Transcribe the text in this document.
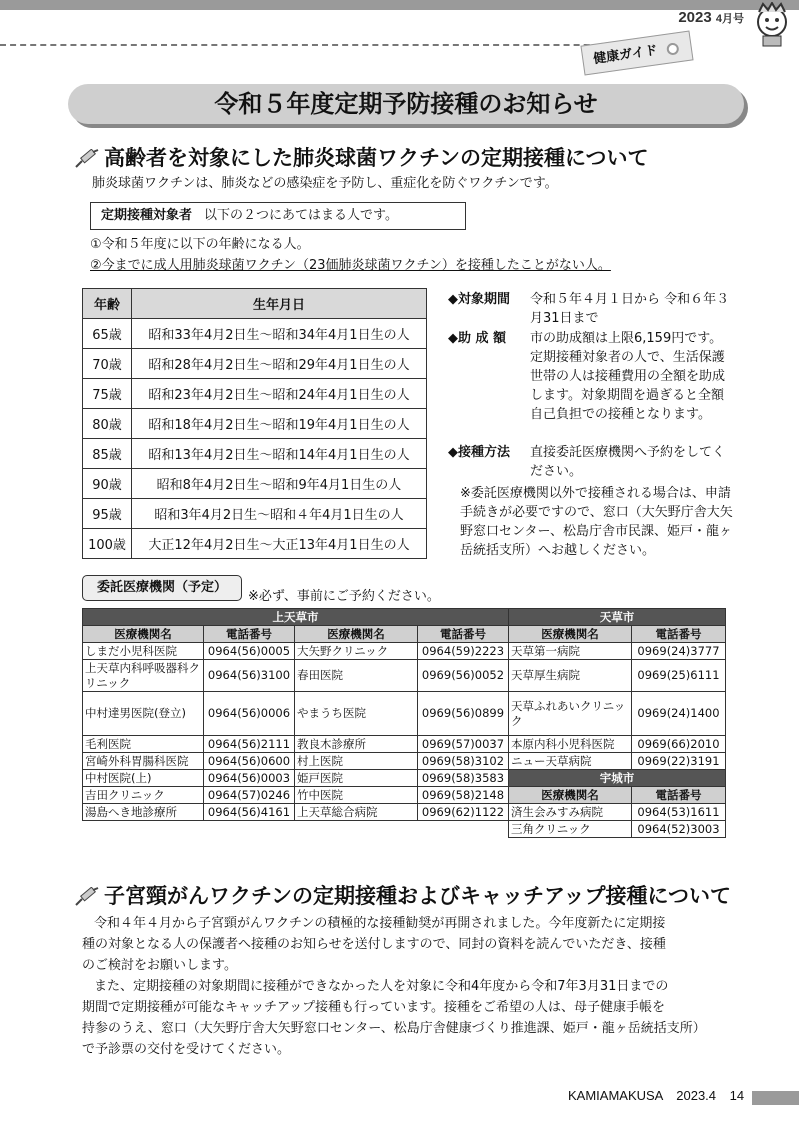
2023 4月号
健康ガイド
令和５年度定期予防接種のお知らせ
高齢者を対象にした肺炎球菌ワクチンの定期接種について
肺炎球菌ワクチンは、肺炎などの感染症を予防し、重症化を防ぐワクチンです。
定期接種対象者 以下の２つにあてはまる人です。
①令和５年度に以下の年齢になる人。
②今までに成人用肺炎球菌ワクチン（23価肺炎球菌ワクチン）を接種したことがない人。
年齢	生年月日
65歳	昭和33年4月2日生～昭和34年4月1日生の人
70歳	昭和28年4月2日生～昭和29年4月1日生の人
75歳	昭和23年4月2日生～昭和24年4月1日生の人
80歳	昭和18年4月2日生～昭和19年4月1日生の人
85歳	昭和13年4月2日生～昭和14年4月1日生の人
90歳	昭和8年4月2日生～昭和9年4月1日生の人
95歳	昭和3年4月2日生～昭和４年4月1日生の人
100歳	大正12年4月2日生～大正13年4月1日生の人
◆対象期間	令和５年４月１日から 令和６年３月31日まで
◆助 成 額	市の助成額は上限6,159円です。定期接種対象者の人で、生活保護世帯の人は接種費用の全額を助成します。対象期間を過ぎると全額自己負担での接種となります。
◆接種方法	直接委託医療機関へ予約をしてください。
※委託医療機関以外で接種される場合は、申請手続きが必要ですので、窓口（大矢野庁舎大矢野窓口センター、松島庁舎市民課、姫戸・龍ヶ岳統括支所）へお越しください。
委託医療機関（予定）
※必ず、事前にご予約ください。
上天草市				天草市	
医療機関名	電話番号	医療機関名	電話番号	医療機関名	電話番号
しまだ小児科医院	0964(56)0005	大矢野クリニック	0964(59)2223	天草第一病院	0969(24)3777
上天草内科呼吸器科クリニック	0964(56)3100	春田医院	0969(56)0052	天草厚生病院	0969(25)6111
中村達男医院(登立)	0964(56)0006	やまうち医院	0969(56)0899	天草ふれあいクリニック	0969(24)1400
毛利医院	0964(56)2111	教良木診療所	0969(57)0037	本原内科小児科医院	0969(66)2010
宮崎外科胃腸科医院	0964(56)0600	村上医院	0969(58)3102	ニュー天草病院	0969(22)3191
中村医院(上)	0964(56)0003	姫戸医院	0969(58)3583	宇城市	
吉田クリニック	0964(57)0246	竹中医院	0969(58)2148	医療機関名	電話番号
湯島へき地診療所	0964(56)4161	上天草総合病院	0969(62)1122	済生会みすみ病院	0964(53)1611
				三角クリニック	0964(52)3003
子宮頸がんワクチンの定期接種およびキャッチアップ接種について
令和４年４月から子宮頸がんワクチンの積極的な接種勧奨が再開されました。今年度新たに定期接
種の対象となる人の保護者へ接種のお知らせを送付しますので、同封の資料を読んでいただき、接種
のご検討をお願いします。
また、定期接種の対象期間に接種ができなかった人を対象に令和4年度から令和7年3月31日までの
期間で定期接種が可能なキャッチアップ接種も行っています。接種をご希望の人は、母子健康手帳を
持参のうえ、窓口（大矢野庁舎大矢野窓口センター、松島庁舎健康づくり推進課、姫戸・龍ヶ岳統括支所）
で予診票の交付を受けてください。
KAMIAMAKUSA 2023.4 14
